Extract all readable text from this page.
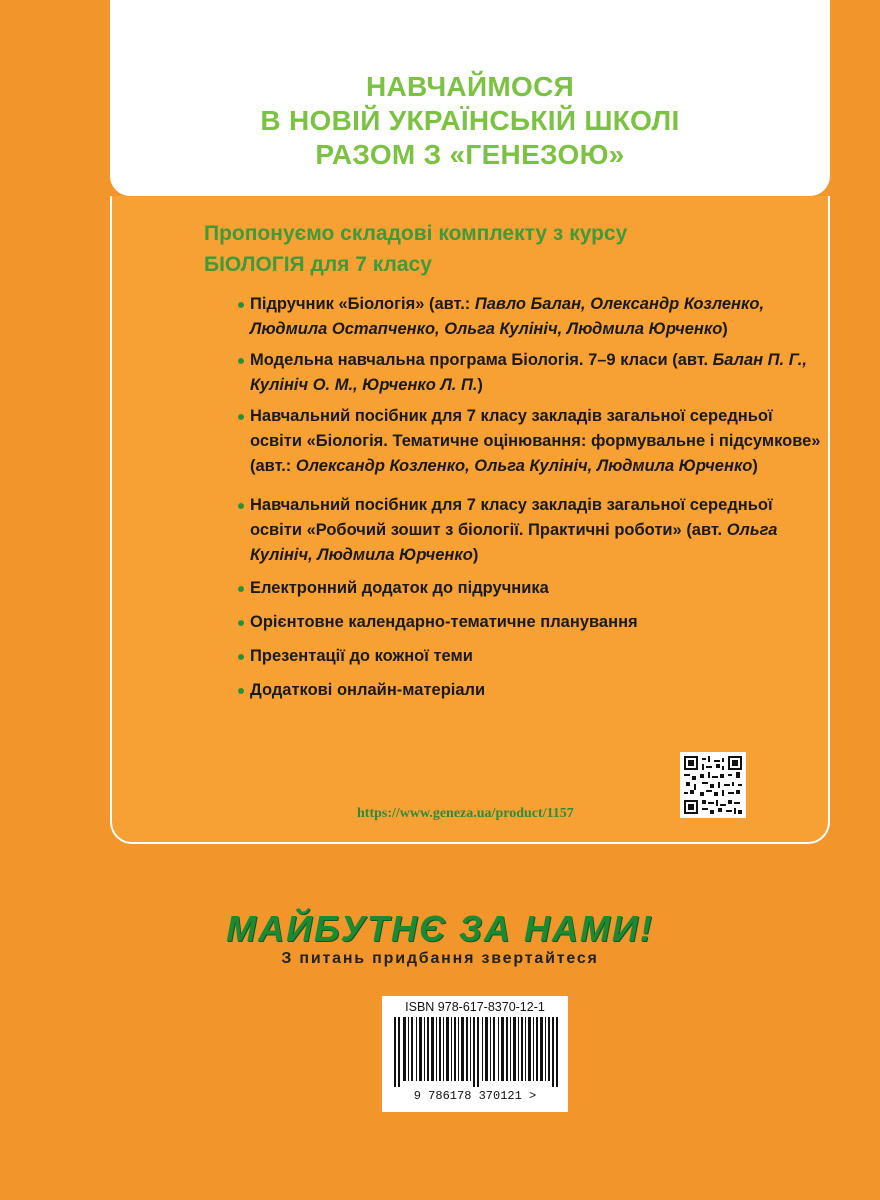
НАВЧАЙМОСЯ
В НОВІЙ УКРАЇНСЬКІЙ ШКОЛІ
РАЗОМ З «ГЕНЕЗОЮ»
Пропонуємо складові комплекту з курсу
БІОЛОГІЯ для 7 класу
Підручник «Біологія» (авт.: Павло Балан, Олександр Козленко, Людмила Остапченко, Ольга Кулініч, Людмила Юрченко)
Модельна навчальна програма Біологія. 7–9 класи (авт. Балан П. Г., Кулініч О. М., Юрченко Л. П.)
Навчальний посібник для 7 класу закладів загальної середньої освіти «Біологія. Тематичне оцінювання: формувальне і підсумкове» (авт.: Олександр Козленко, Ольга Кулініч, Людмила Юрченко)
Навчальний посібник для 7 класу закладів загальної середньої освіти «Робочий зошит з біології. Практичні роботи» (авт. Ольга Кулініч, Людмила Юрченко)
Електронний додаток до підручника
Орієнтовне календарно-тематичне планування
Презентації до кожної теми
Додаткові онлайн-матеріали
https://www.geneza.ua/product/1157
МАЙБУТНЄ ЗА НАМИ!
З питань придбання звертайтеся
ISBN 978-617-8370-12-1
9 786178 370121 >
